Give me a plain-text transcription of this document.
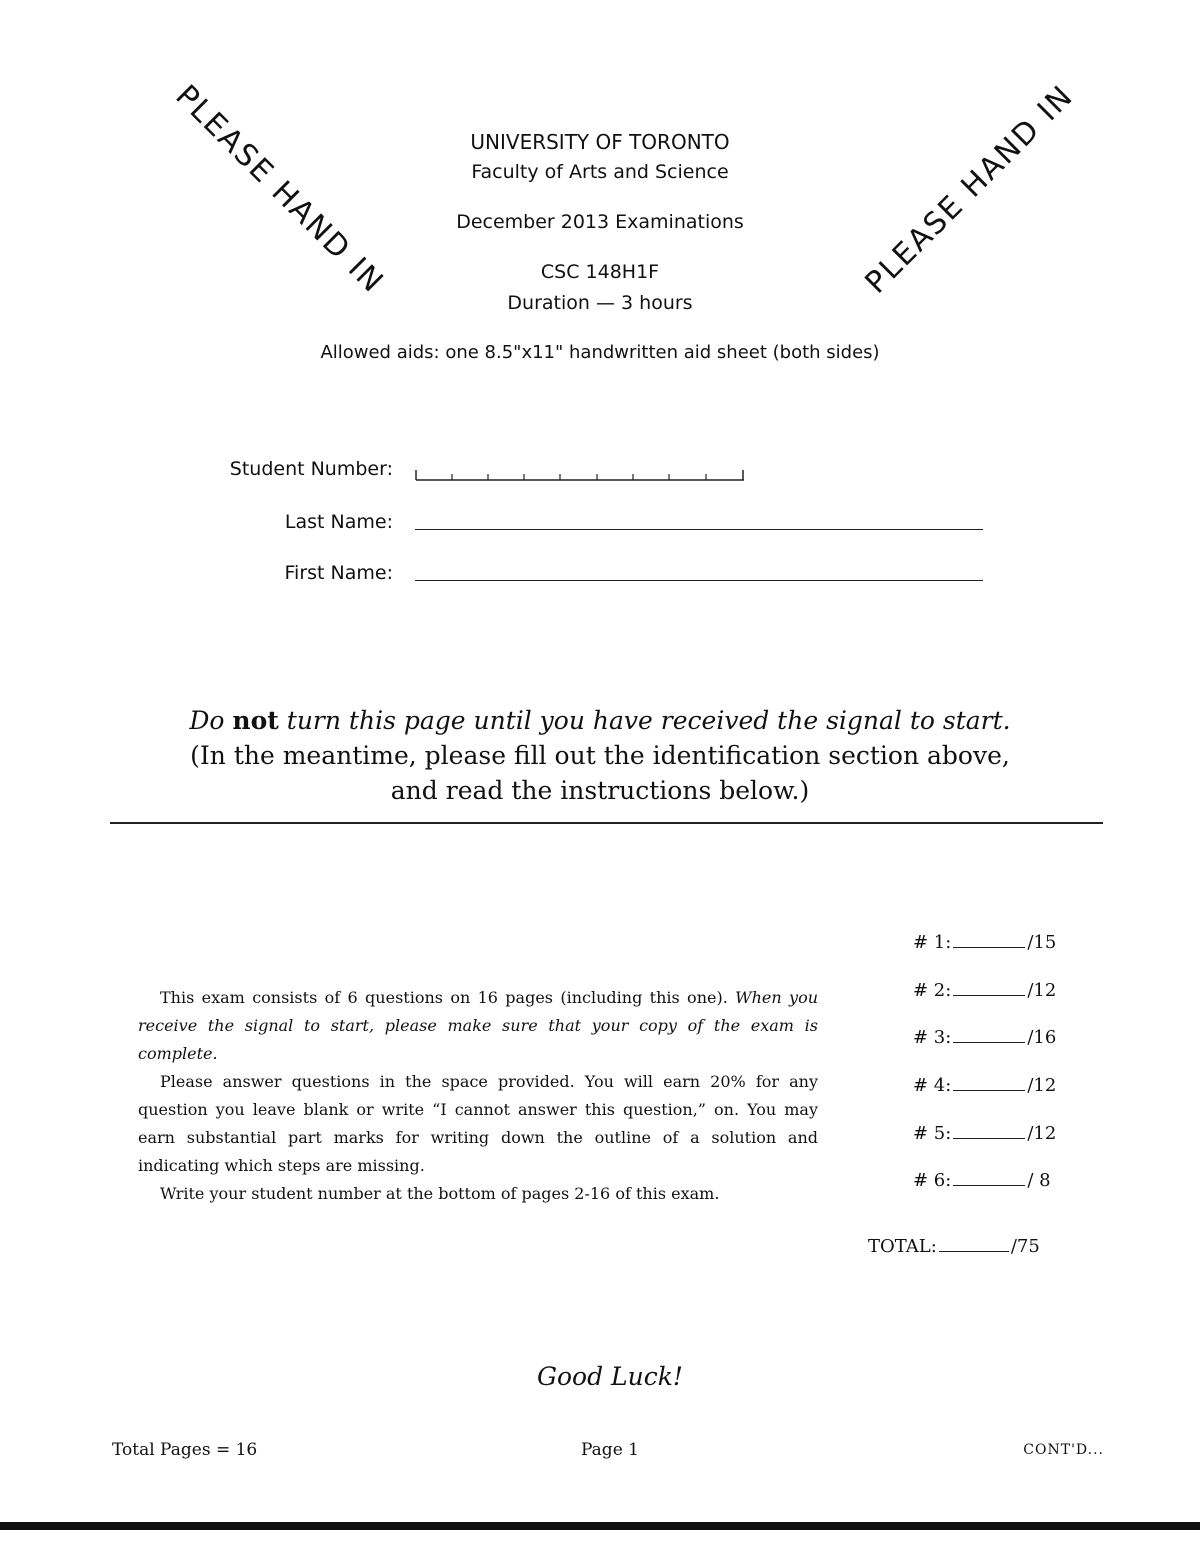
PLEASE HAND IN	PLEASE HAND IN
UNIVERSITY OF TORONTO
Faculty of Arts and Science
December 2013 Examinations
CSC 148H1F
Duration — 3 hours
Allowed aids: one 8.5"x11" handwritten aid sheet (both sides)
Student Number:
Last Name:
First Name:
Do not turn this page until you have received the signal to start.
(In the meantime, please fill out the identification section above,
and read the instructions below.)

This exam consists of 6 questions on 16 pages (including this one). When you receive the signal to start, please make sure that your copy of the exam is complete.

Please answer questions in the space provided. You will earn 20% for any question you leave blank or write “I cannot answer this question,” on. You may earn substantial part marks for writing down the outline of a solution and indicating which steps are missing.

Write your student number at the bottom of pages 2-16 of this exam.

# 1:	/15
# 2:	/12
# 3:	/16
# 4:	/12
# 5:	/12
# 6:	/ 8
TOTAL:	/75
Good Luck!
Total Pages = 16	Page 1	CONT'D...
